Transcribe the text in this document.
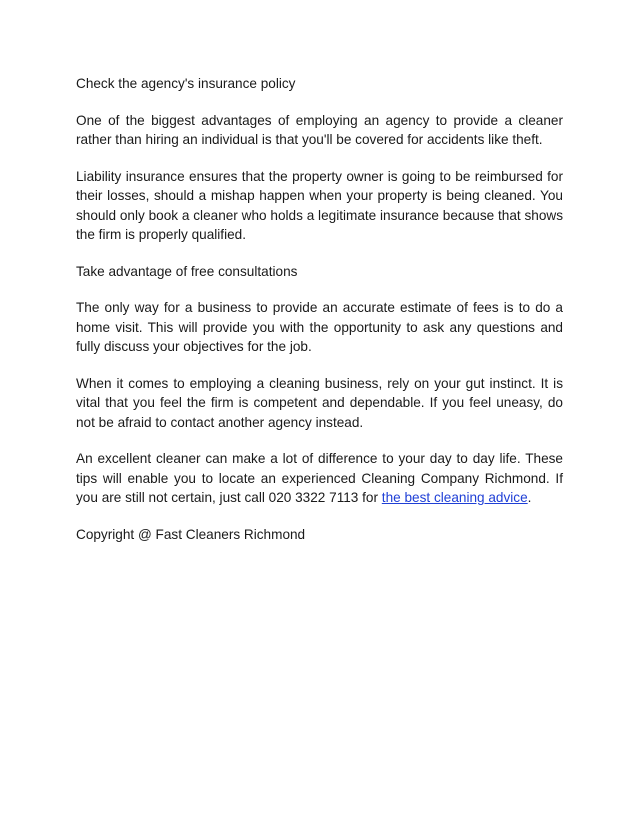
Check the agency's insurance policy

One of the biggest advantages of employing an agency to provide a cleaner rather than hiring an individual is that you'll be covered for accidents like theft.

Liability insurance ensures that the property owner is going to be reimbursed for their losses, should a mishap happen when your property is being cleaned. You should only book a cleaner who holds a legitimate insurance because that shows the firm is properly qualified.

Take advantage of free consultations

The only way for a business to provide an accurate estimate of fees is to do a home visit. This will provide you with the opportunity to ask any questions and fully discuss your objectives for the job.

When it comes to employing a cleaning business, rely on your gut instinct. It is vital that you feel the firm is competent and dependable. If you feel uneasy, do not be afraid to contact another agency instead.

An excellent cleaner can make a lot of difference to your day to day life. These tips will enable you to locate an experienced Cleaning Company Richmond. If you are still not certain, just call 020 3322 7113 for the best cleaning advice.

Copyright @ Fast Cleaners Richmond
